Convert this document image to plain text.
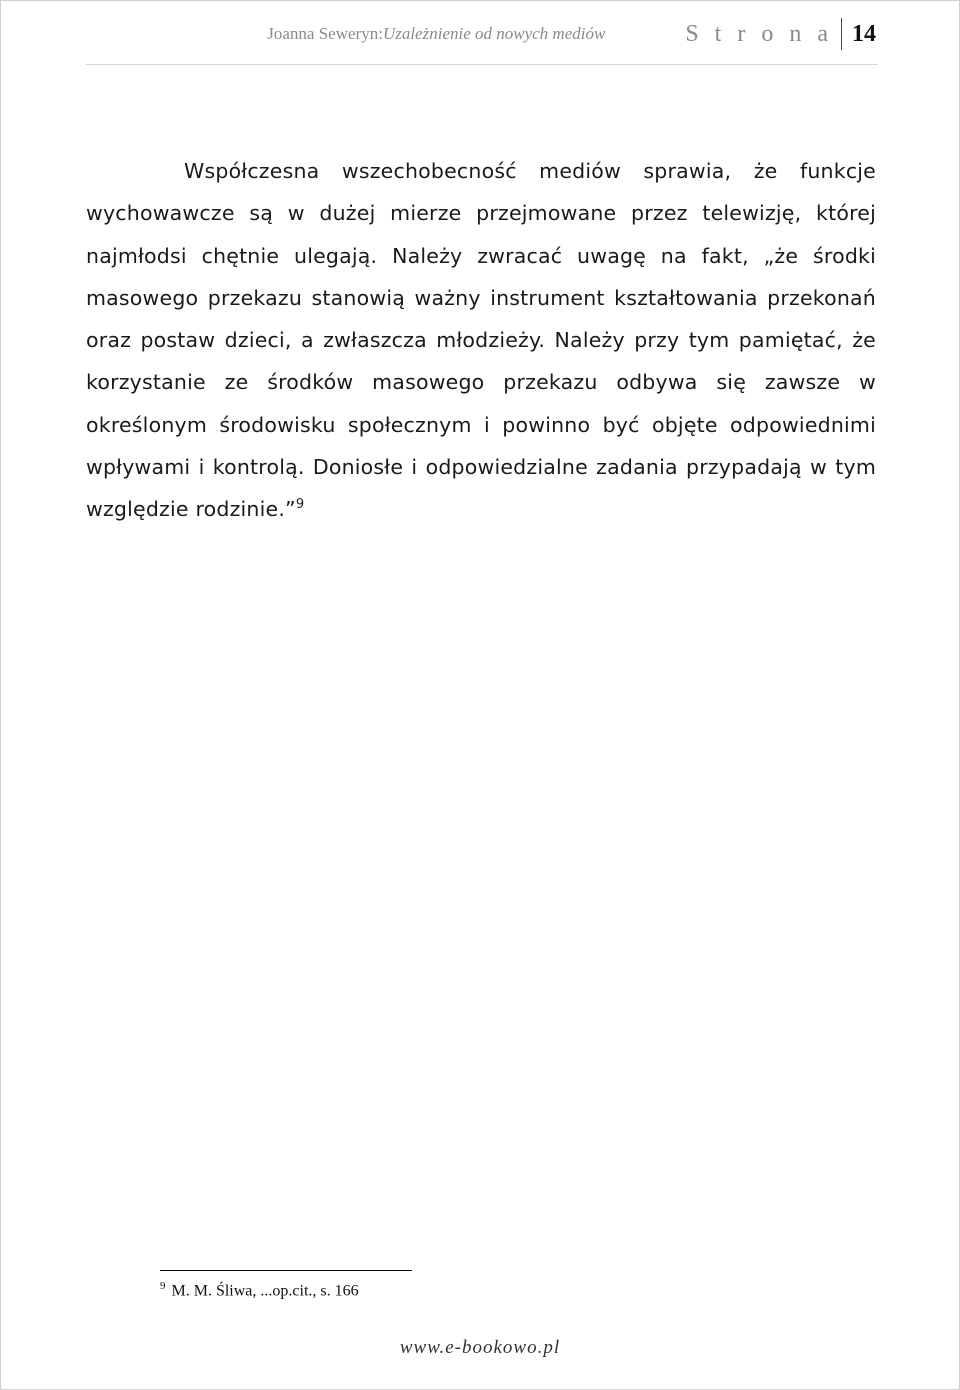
Joanna Seweryn:Uzależnienie od nowych mediów	S t r o n a 14

Współczesna wszechobecność mediów sprawia, że funkcje wychowawcze są w dużej mierze przejmowane przez telewizję, której najmłodsi chętnie ulegają. Należy zwracać uwagę na fakt, „że środki masowego przekazu stanowią ważny instrument kształtowania przekonań oraz postaw dzieci, a zwłaszcza młodzieży. Należy przy tym pamiętać, że korzystanie ze środków masowego przekazu odbywa się zawsze w określonym środowisku społecznym i powinno być objęte odpowiednimi wpływami i kontrolą. Doniosłe i odpowiedzialne zadania przypadają w tym względzie rodzinie.”$^9$

$^9$ M. M. Śliwa, ...op.cit., s. 166
www.e-bookowo.pl
